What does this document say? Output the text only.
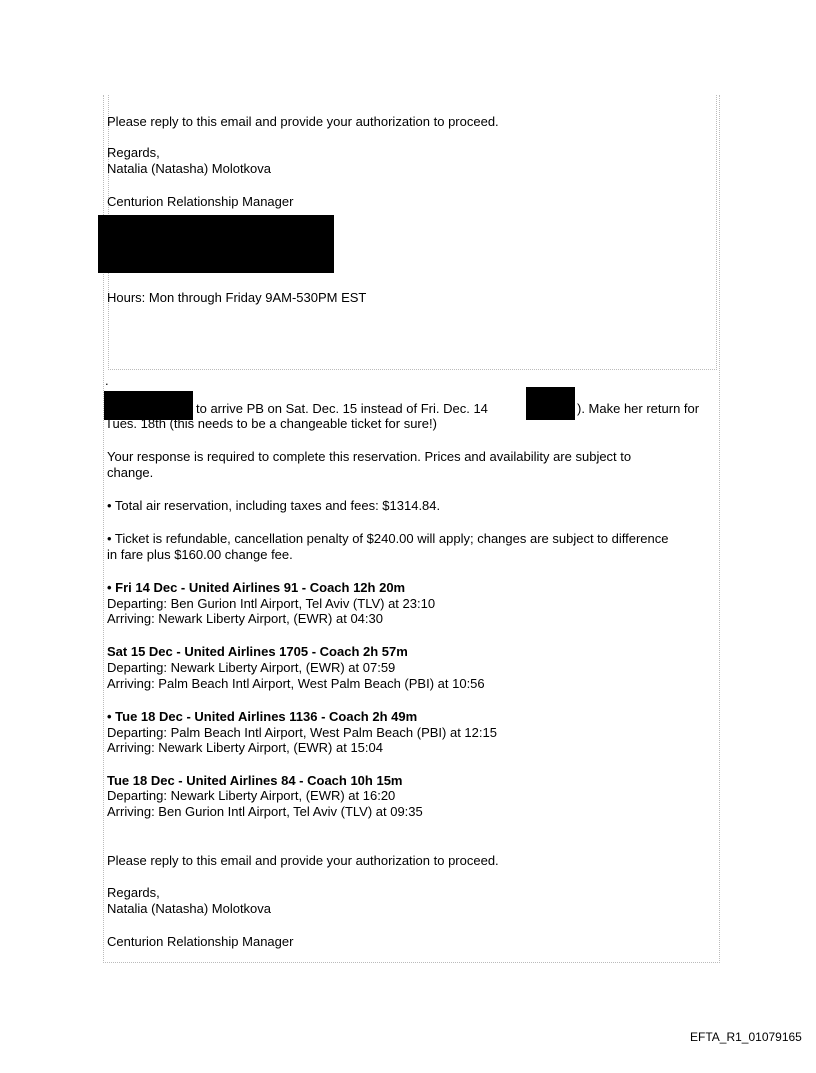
Please reply to this email and provide your authorization to proceed.
Regards,
Natalia (Natasha) Molotkova
Centurion Relationship Manager
Hours: Mon through Friday 9AM-530PM EST
.
to arrive PB on Sat. Dec. 15 instead of Fri. Dec. 14	). Make her return for
Tues. 18th (this needs to be a changeable ticket for sure!)
Your response is required to complete this reservation. Prices and availability are subject to
change.
• Total air reservation, including taxes and fees: $1314.84.
• Ticket is refundable, cancellation penalty of $240.00 will apply; changes are subject to difference
in fare plus $160.00 change fee.
• Fri 14 Dec - United Airlines 91 - Coach 12h 20m
Departing: Ben Gurion Intl Airport, Tel Aviv (TLV) at 23:10
Arriving: Newark Liberty Airport, (EWR) at 04:30
Sat 15 Dec - United Airlines 1705 - Coach 2h 57m
Departing: Newark Liberty Airport, (EWR) at 07:59
Arriving: Palm Beach Intl Airport, West Palm Beach (PBI) at 10:56
• Tue 18 Dec - United Airlines 1136 - Coach 2h 49m
Departing: Palm Beach Intl Airport, West Palm Beach (PBI) at 12:15
Arriving: Newark Liberty Airport, (EWR) at 15:04
Tue 18 Dec - United Airlines 84 - Coach 10h 15m
Departing: Newark Liberty Airport, (EWR) at 16:20
Arriving: Ben Gurion Intl Airport, Tel Aviv (TLV) at 09:35
Please reply to this email and provide your authorization to proceed.
Regards,
Natalia (Natasha) Molotkova
Centurion Relationship Manager
EFTA_R1_01079165
